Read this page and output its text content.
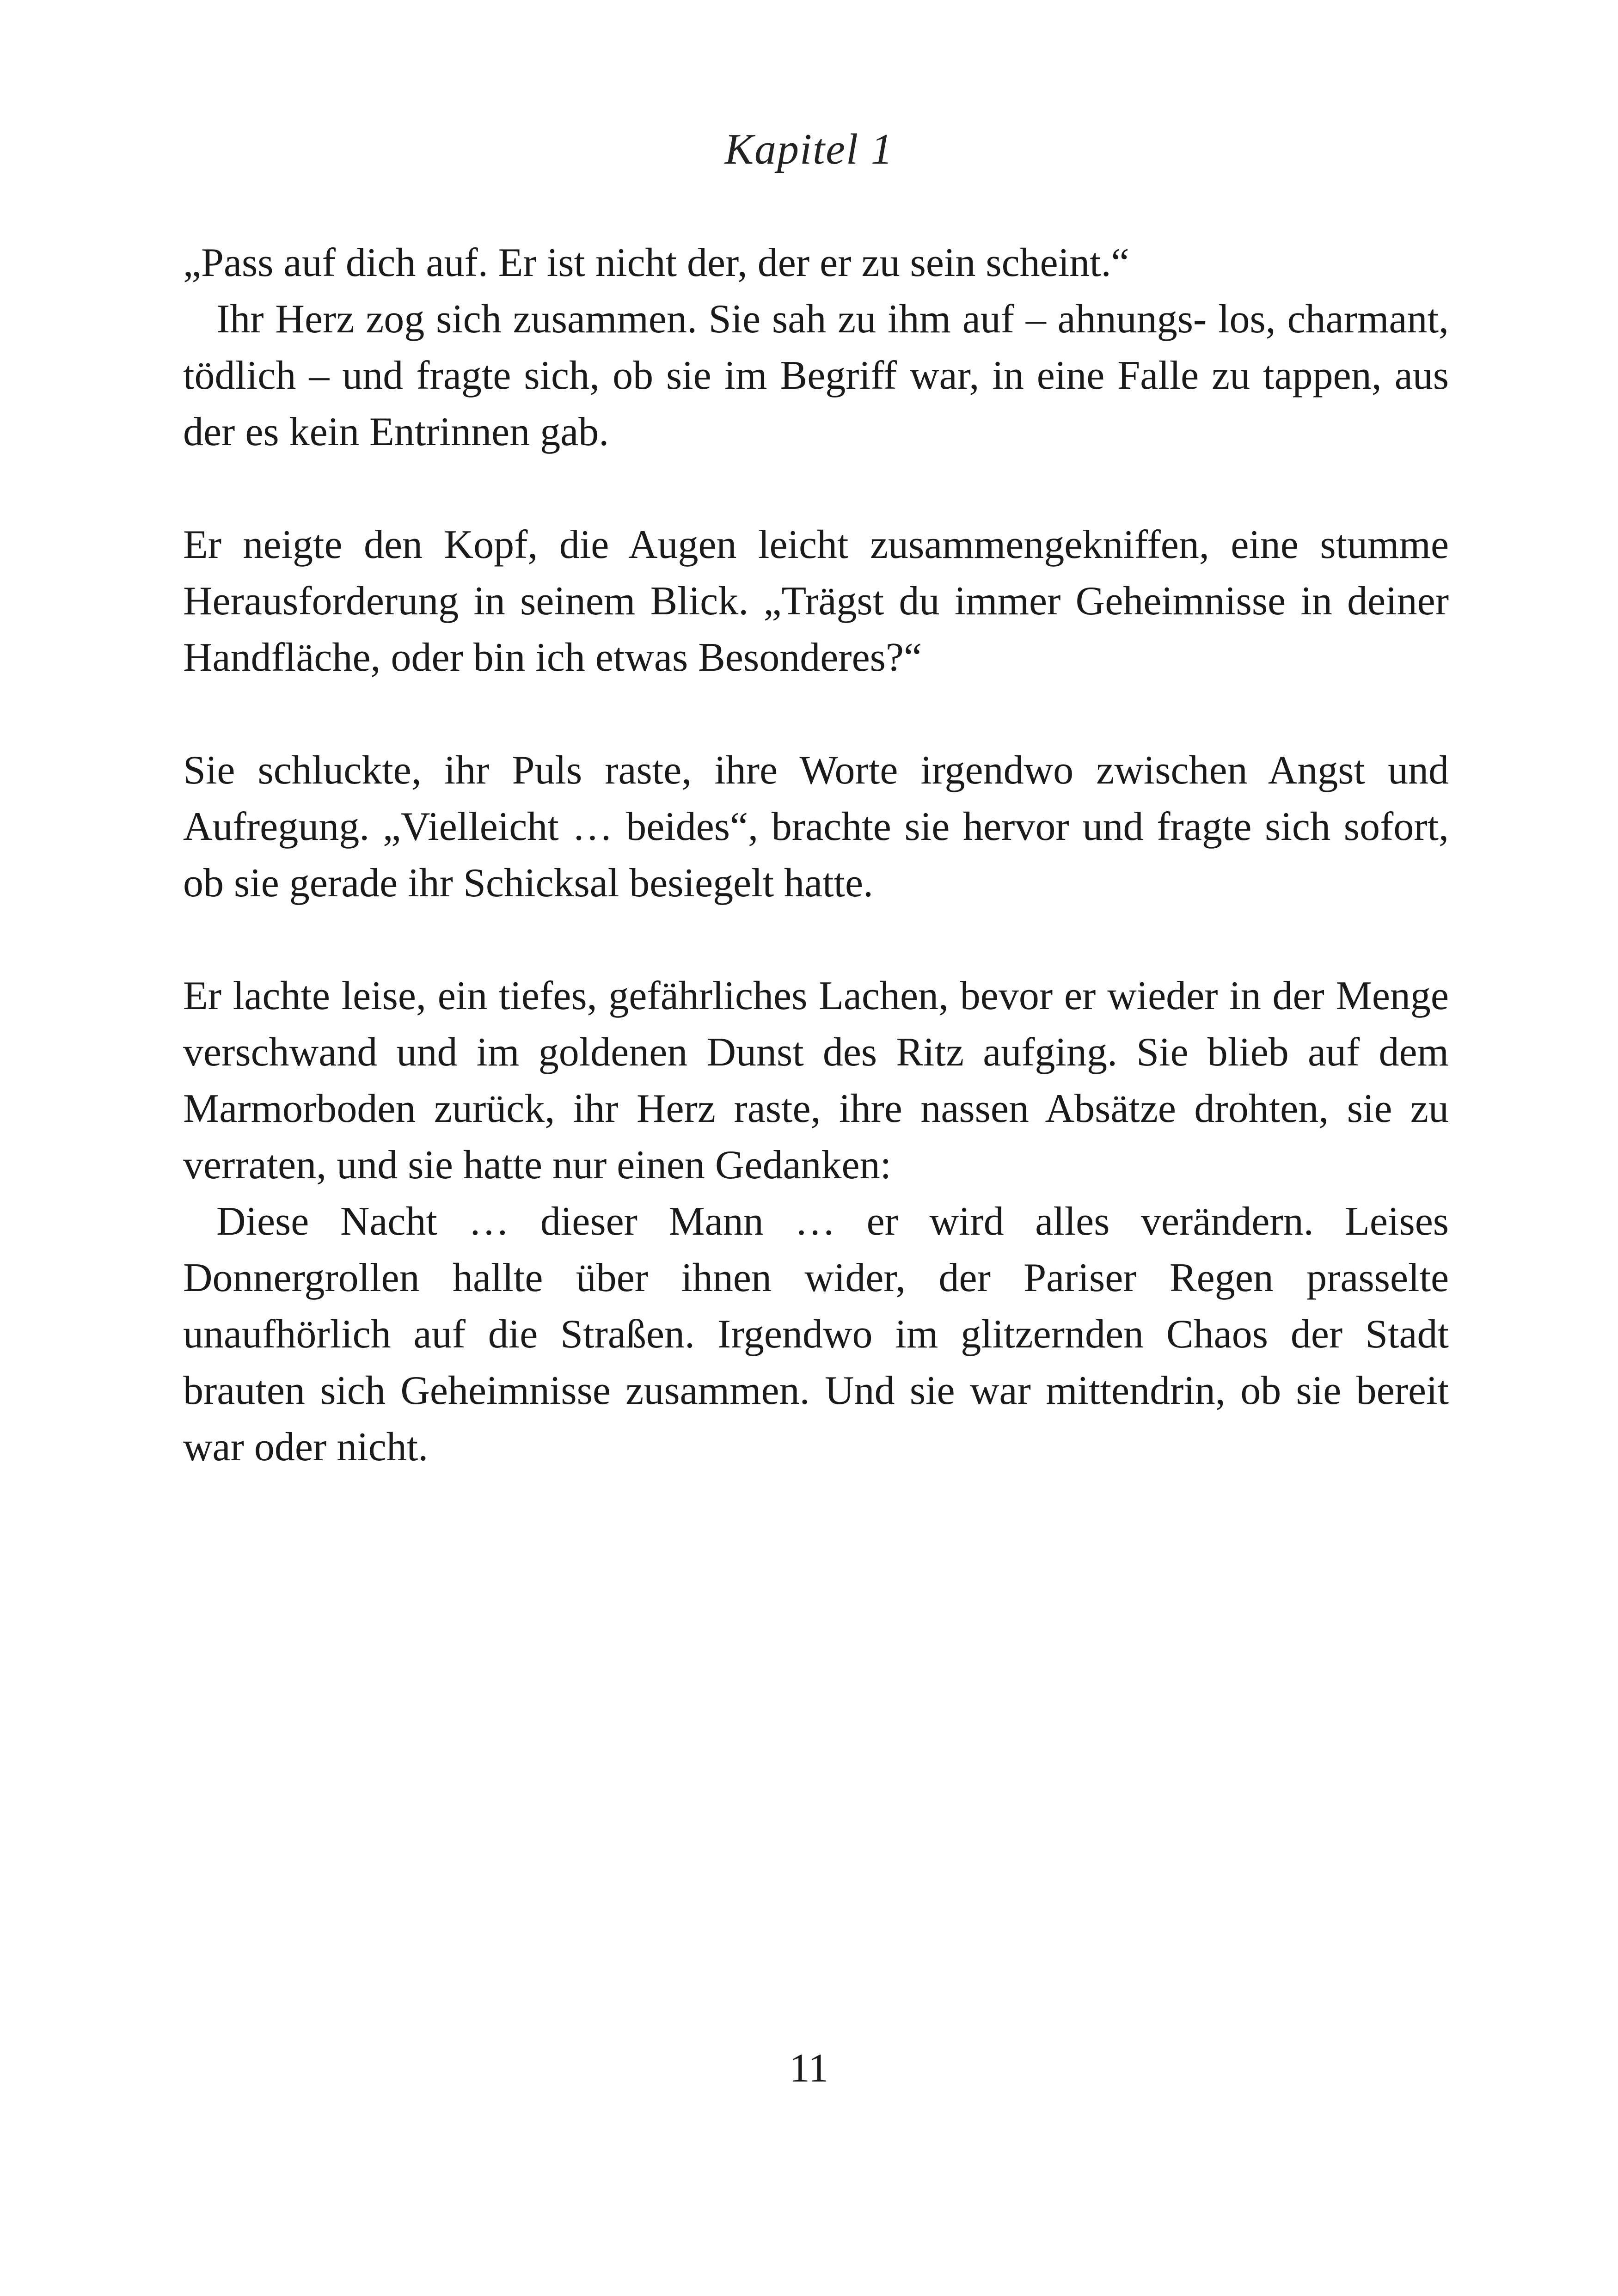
Kapitel 1

„Pass auf dich auf. Er ist nicht der, der er zu sein scheint.“

Ihr Herz zog sich zusammen. Sie sah zu ihm auf – ahnungs- los, charmant, tödlich – und fragte sich, ob sie im Begriff war, in eine Falle zu tappen, aus der es kein Entrinnen gab.

Er neigte den Kopf, die Augen leicht zusammengekniffen, eine stumme Herausforderung in seinem Blick. „Trägst du immer Geheimnisse in deiner Handfläche, oder bin ich etwas Besonderes?“

Sie schluckte, ihr Puls raste, ihre Worte irgendwo zwischen Angst und Aufregung. „Vielleicht … beides“, brachte sie hervor und fragte sich sofort, ob sie gerade ihr Schicksal besiegelt hatte.

Er lachte leise, ein tiefes, gefährliches Lachen, bevor er wieder in der Menge verschwand und im goldenen Dunst des Ritz aufging. Sie blieb auf dem Marmorboden zurück, ihr Herz raste, ihre nassen Absätze drohten, sie zu verraten, und sie hatte nur einen Gedanken:

Diese Nacht … dieser Mann … er wird alles verändern. Leises Donnergrollen hallte über ihnen wider, der Pariser Regen prasselte unaufhörlich auf die Straßen. Irgendwo im glitzernden Chaos der Stadt brauten sich Geheimnisse zusammen. Und sie war mittendrin, ob sie bereit war oder nicht.

11
